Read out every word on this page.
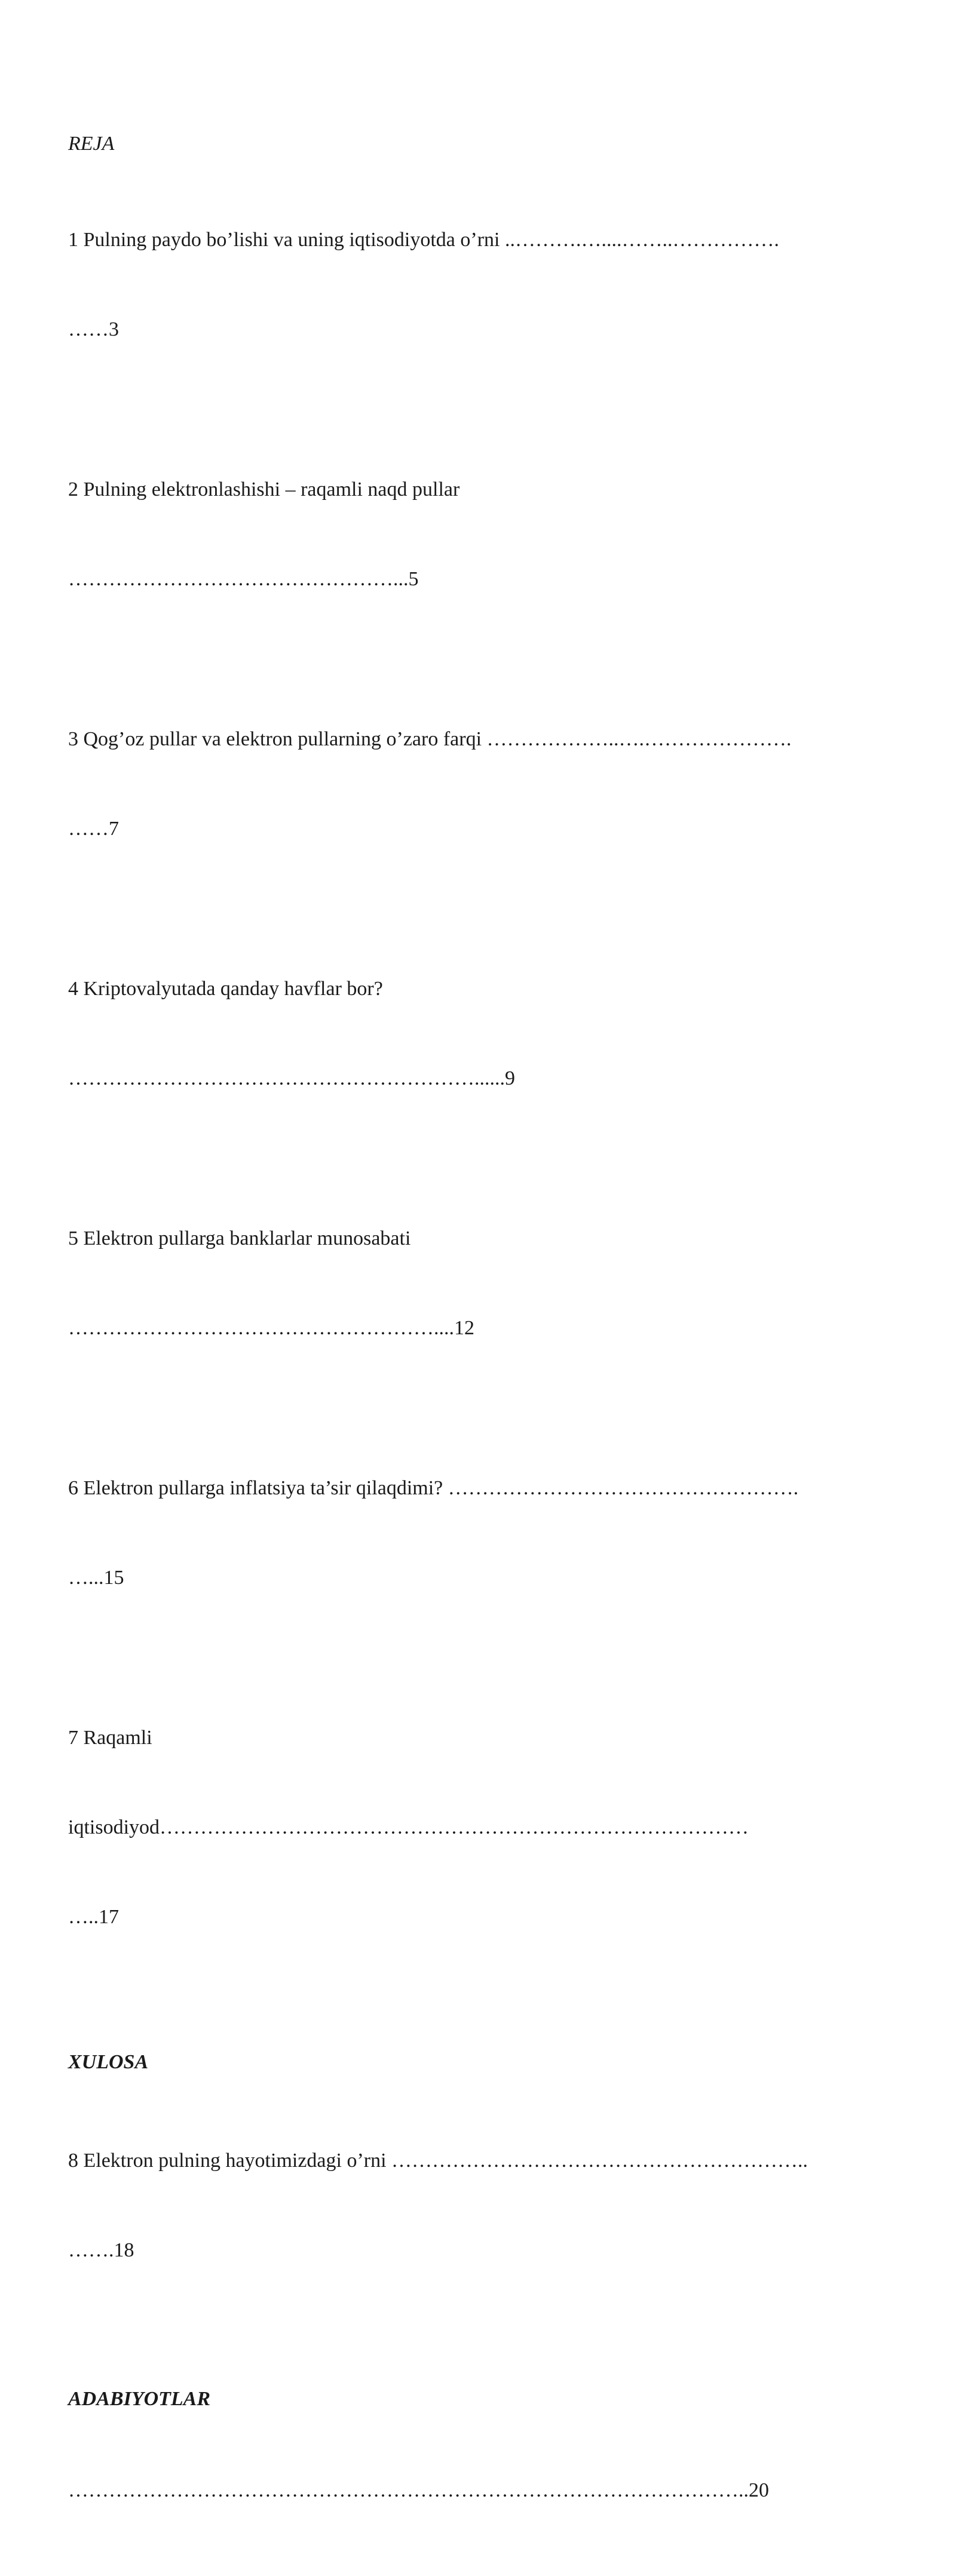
REJA

1 Pulning paydo bo’lishi va uning iqtisodiyotda o’rni ..……….…....……..…………….

……3

2 Pulning elektronlashishi – raqamli naqd pullar

…………………………………………...5

3 Qog’oz pullar va elektron pullarning o’zaro farqi ………………..….………………….

……7

4 Kriptovalyutada qanday havflar bor?

……………………………………………………......9

5 Elektron pullarga banklarlar munosabati

………………………………………………....12

6 Elektron pullarga inflatsiya ta’sir qilaqdimi? …………………………………………….

…...15

7 Raqamli

iqtisodiyod……………………………………………………………………………

…..17

XULOSA

8 Elektron pulning hayotimizdagi o’rni ……………………………………………………..

…….18

ADABIYOTLAR

………………………………………………………………………………………..20
